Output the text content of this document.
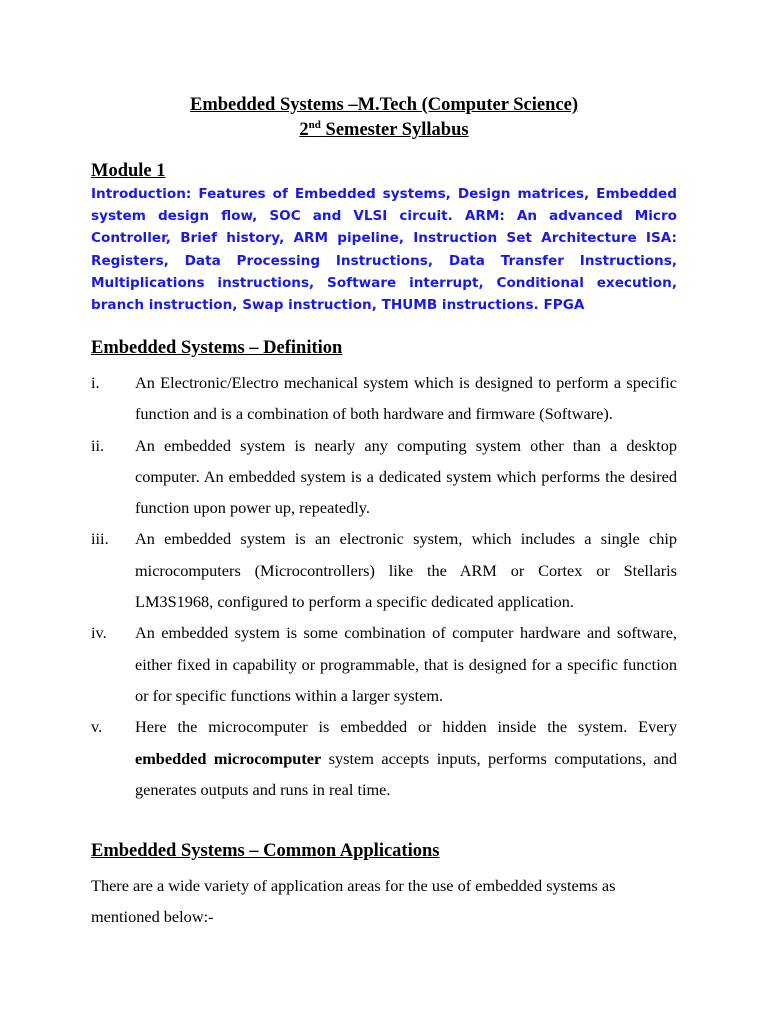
Embedded Systems –M.Tech (Computer Science)
2nd Semester Syllabus
Module 1
Introduction: Features of Embedded systems, Design matrices, Embedded system design flow, SOC and VLSI circuit. ARM: An advanced Micro Controller, Brief history, ARM pipeline, Instruction Set Architecture ISA: Registers, Data Processing Instructions, Data Transfer Instructions, Multiplications instructions, Software interrupt, Conditional execution, branch instruction, Swap instruction, THUMB instructions. FPGA
Embedded Systems – Definition
i.	An Electronic/Electro mechanical system which is designed to perform a specific function and is a combination of both hardware and firmware (Software).
ii.	An embedded system is nearly any computing system other than a desktop computer. An embedded system is a dedicated system which performs the desired function upon power up, repeatedly.
iii.	An embedded system is an electronic system, which includes a single chip microcomputers (Microcontrollers) like the ARM or Cortex or Stellaris LM3S1968, configured to perform a specific dedicated application.
iv.	An embedded system is some combination of computer hardware and software, either fixed in capability or programmable, that is designed for a specific function or for specific functions within a larger system.
v.	Here the microcomputer is embedded or hidden inside the system. Every embedded microcomputer system accepts inputs, performs computations, and generates outputs and runs in real time.
Embedded Systems – Common Applications
There are a wide variety of application areas for the use of embedded systems as mentioned below:-
